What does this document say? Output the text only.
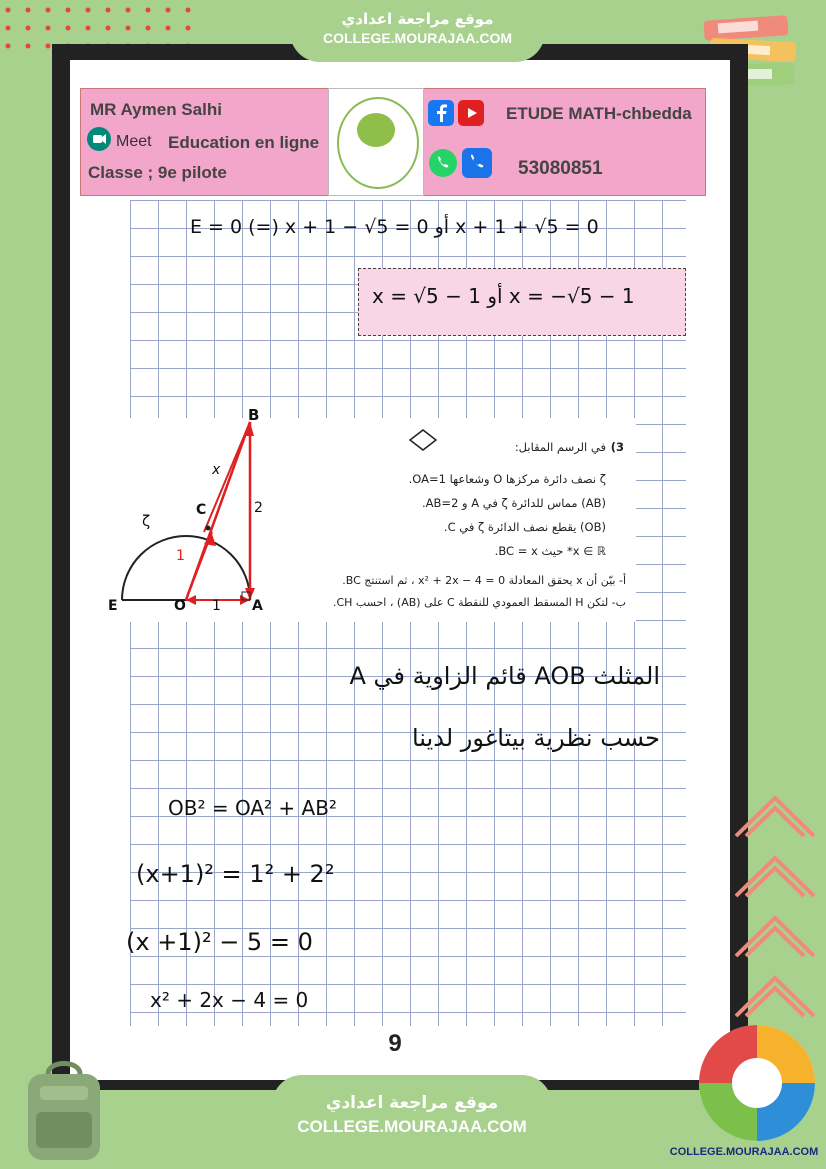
موقع مراجعة اعدادي
COLLEGE.MOURAJAA.COM
MR Aymen Salhi
Meet Education en ligne
Classe ; 9e pilote
ETUDE MATH-chbedda
53080851
E = 0 (=) x + 1 − √5 = 0 أو x + 1 + √5 = 0
x = √5 − 1 أو x = −√5 − 1
B
C
E	O	A
x
2
1
ζ
1
3)
في الرسم المقابل:
ζ نصف دائرة مركزها O وشعاعها OA=1.
(AB) مماس للدائرة ζ في A و AB=2.
(OB) يقطع نصف الدائرة ζ في C.
x ∈ ℝ* حيث BC = x.
أ- بيّن أن x يحقق المعادلة x² + 2x − 4 = 0 ، ثم استنتج BC.
ب- لتكن H المسقط العمودي للنقطة C على (AB) ، احسب CH.
المثلث AOB قائم الزاوية في A
حسب نظرية بيتاغور لدينا
OB² = OA² + AB²
(x+1)² = 1² + 2²
(x +1)² − 5 = 0
x² + 2x − 4 = 0
9
COLLEGE.MOURAJAA.COM
موقع مراجعة اعدادي
COLLEGE.MOURAJAA.COM
